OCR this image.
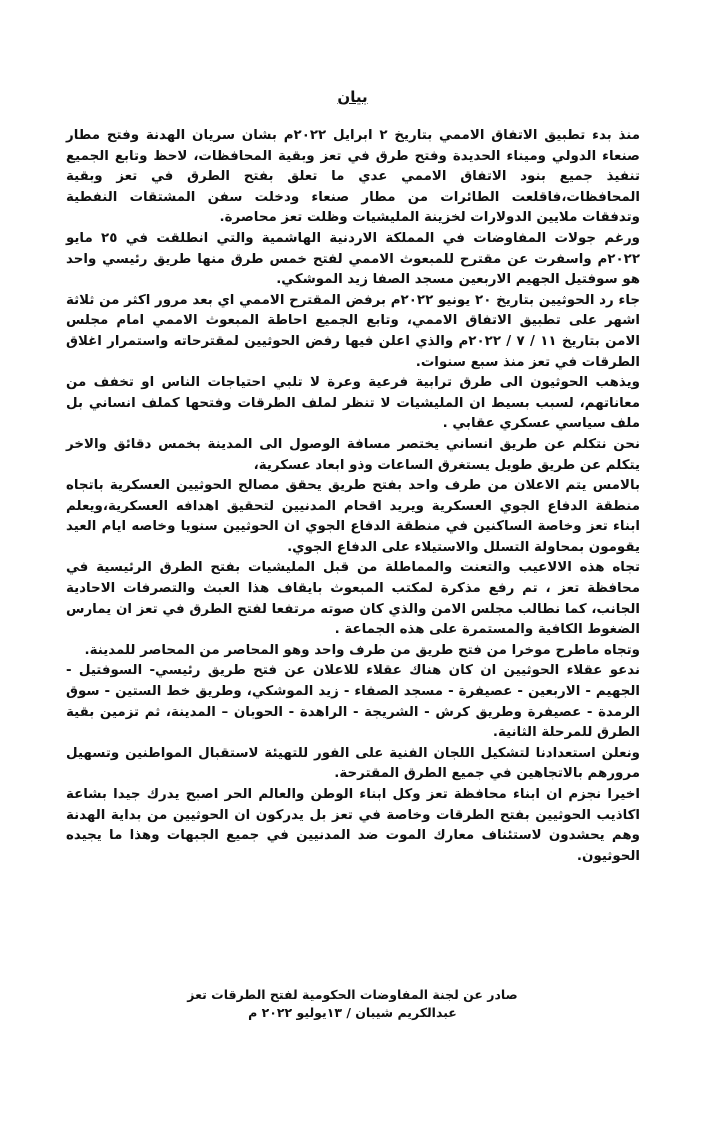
بيان

منذ بدء تطبيق الاتفاق الاممي بتاريخ ٢ ابرايل ٢٠٢٢م بشان سريان الهدنة وفتح مطار صنعاء الدولي وميناء الحديدة وفتح طرق في تعز وبقية المحافظات، لاحظ وتابع الجميع تنفيذ جميع بنود الاتفاق الاممي عدي ما تعلق بفتح الطرق في تعز وبقية المحافظات،فاقلعت الطائرات من مطار صنعاء ودخلت سفن المشتقات النفطية وتدفقات ملايين الدولارات لخزينة المليشيات وظلت تعز محاصرة.

ورغم جولات المفاوضات في المملكة الاردنية الهاشمية والتي انطلقت في ٢٥ مايو ٢٠٢٢م واسفرت عن مقترح للمبعوث الاممي لفتح خمس طرق منها طريق رئيسي واحد هو سوفتيل الجهيم الاربعين مسجد الصفا زيد الموشكي.

جاء رد الحوثيين بتاريخ ٢٠ يونيو ٢٠٢٢م برفض المقترح الاممي اي بعد مرور اكثر من ثلاثة اشهر على تطبيق الاتفاق الاممي، وتابع الجميع احاطة المبعوث الاممي امام مجلس الامن بتاريخ ١١ / ٧ / ٢٠٢٢م والذي اعلن فيها رفض الحوثيين لمقترحاته واستمرار اغلاق الطرقات في تعز منذ سبع سنوات.

ويذهب الحوثيون الى طرق ترابية فرعية وعرة لا تلبي احتياجات الناس او تخفف من معاناتهم، لسبب بسيط ان المليشيات لا تنظر لملف الطرقات وفتحها كملف انساني بل ملف سياسي عسكري عقابي .

نحن نتكلم عن طريق انساني يختصر مسافة الوصول الى المدينة بخمس دقائق والاخر يتكلم عن طريق طويل يستغرق الساعات وذو ابعاد عسكرية،

بالامس يتم الاعلان من طرف واحد بفتح طريق يحقق مصالح الحوثيين العسكرية باتجاه منطقة الدفاع الجوي العسكرية ويريد اقحام المدنيين لتحقيق اهدافه العسكرية،ويعلم ابناء تعز وخاصة الساكنين في منطقة الدفاع الجوي ان الحوثيين سنويا وخاصه ايام العيد يقومون بمحاولة التسلل والاستيلاء على الدفاع الجوي.

تجاه هذه الالاعيب والتعنت والمماطلة من قبل المليشيات بفتح الطرق الرئيسية في محافظة تعز ، تم رفع مذكرة لمكتب المبعوث بايقاف هذا العبث والتصرفات الاحادية الجانب، كما نطالب مجلس الامن والذي كان صوته مرتفعا لفتح الطرق في تعز ان يمارس الضغوط الكافية والمستمرة على هذه الجماعة .

وتجاه ماطرح موخرا من فتح طريق من طرف واحد وهو المحاصر من المحاصر للمدينة.

ندعو عقلاء الحوثيين ان كان هناك عقلاء للاعلان عن فتح طريق رئيسي- السوفتيل - الجهيم - الاربعين - عصيفرة - مسجد الصفاء - زيد الموشكي، وطريق خط الستين - سوق الرمدة - عصيفرة وطريق كرش - الشريجة - الراهدة - الحوبان – المدينة، ثم تزمين بقية الطرق للمرحلة الثانية.

ونعلن استعدادنا لتشكيل اللجان الفنية على الفور للتهيئة لاستقبال المواطنين وتسهيل مرورهم بالاتجاهين في جميع الطرق المقترحة.

اخيرا نجزم ان ابناء محافظة تعز وكل ابناء الوطن والعالم الحر اصبح يدرك جيدا بشاعة اكاذيب الحوثيين بفتح الطرقات وخاصة في تعز بل يدركون ان الحوثيين من بداية الهدنة وهم يحشدون لاستئناف معارك الموت ضد المدنيين في جميع الجبهات وهذا ما يجيده الحوثيون.

صادر عن لجنة المفاوضات الحكومية لفتح الطرقات تعز
عبدالكريم شيبان / ١٣يوليو ٢٠٢٢ م
